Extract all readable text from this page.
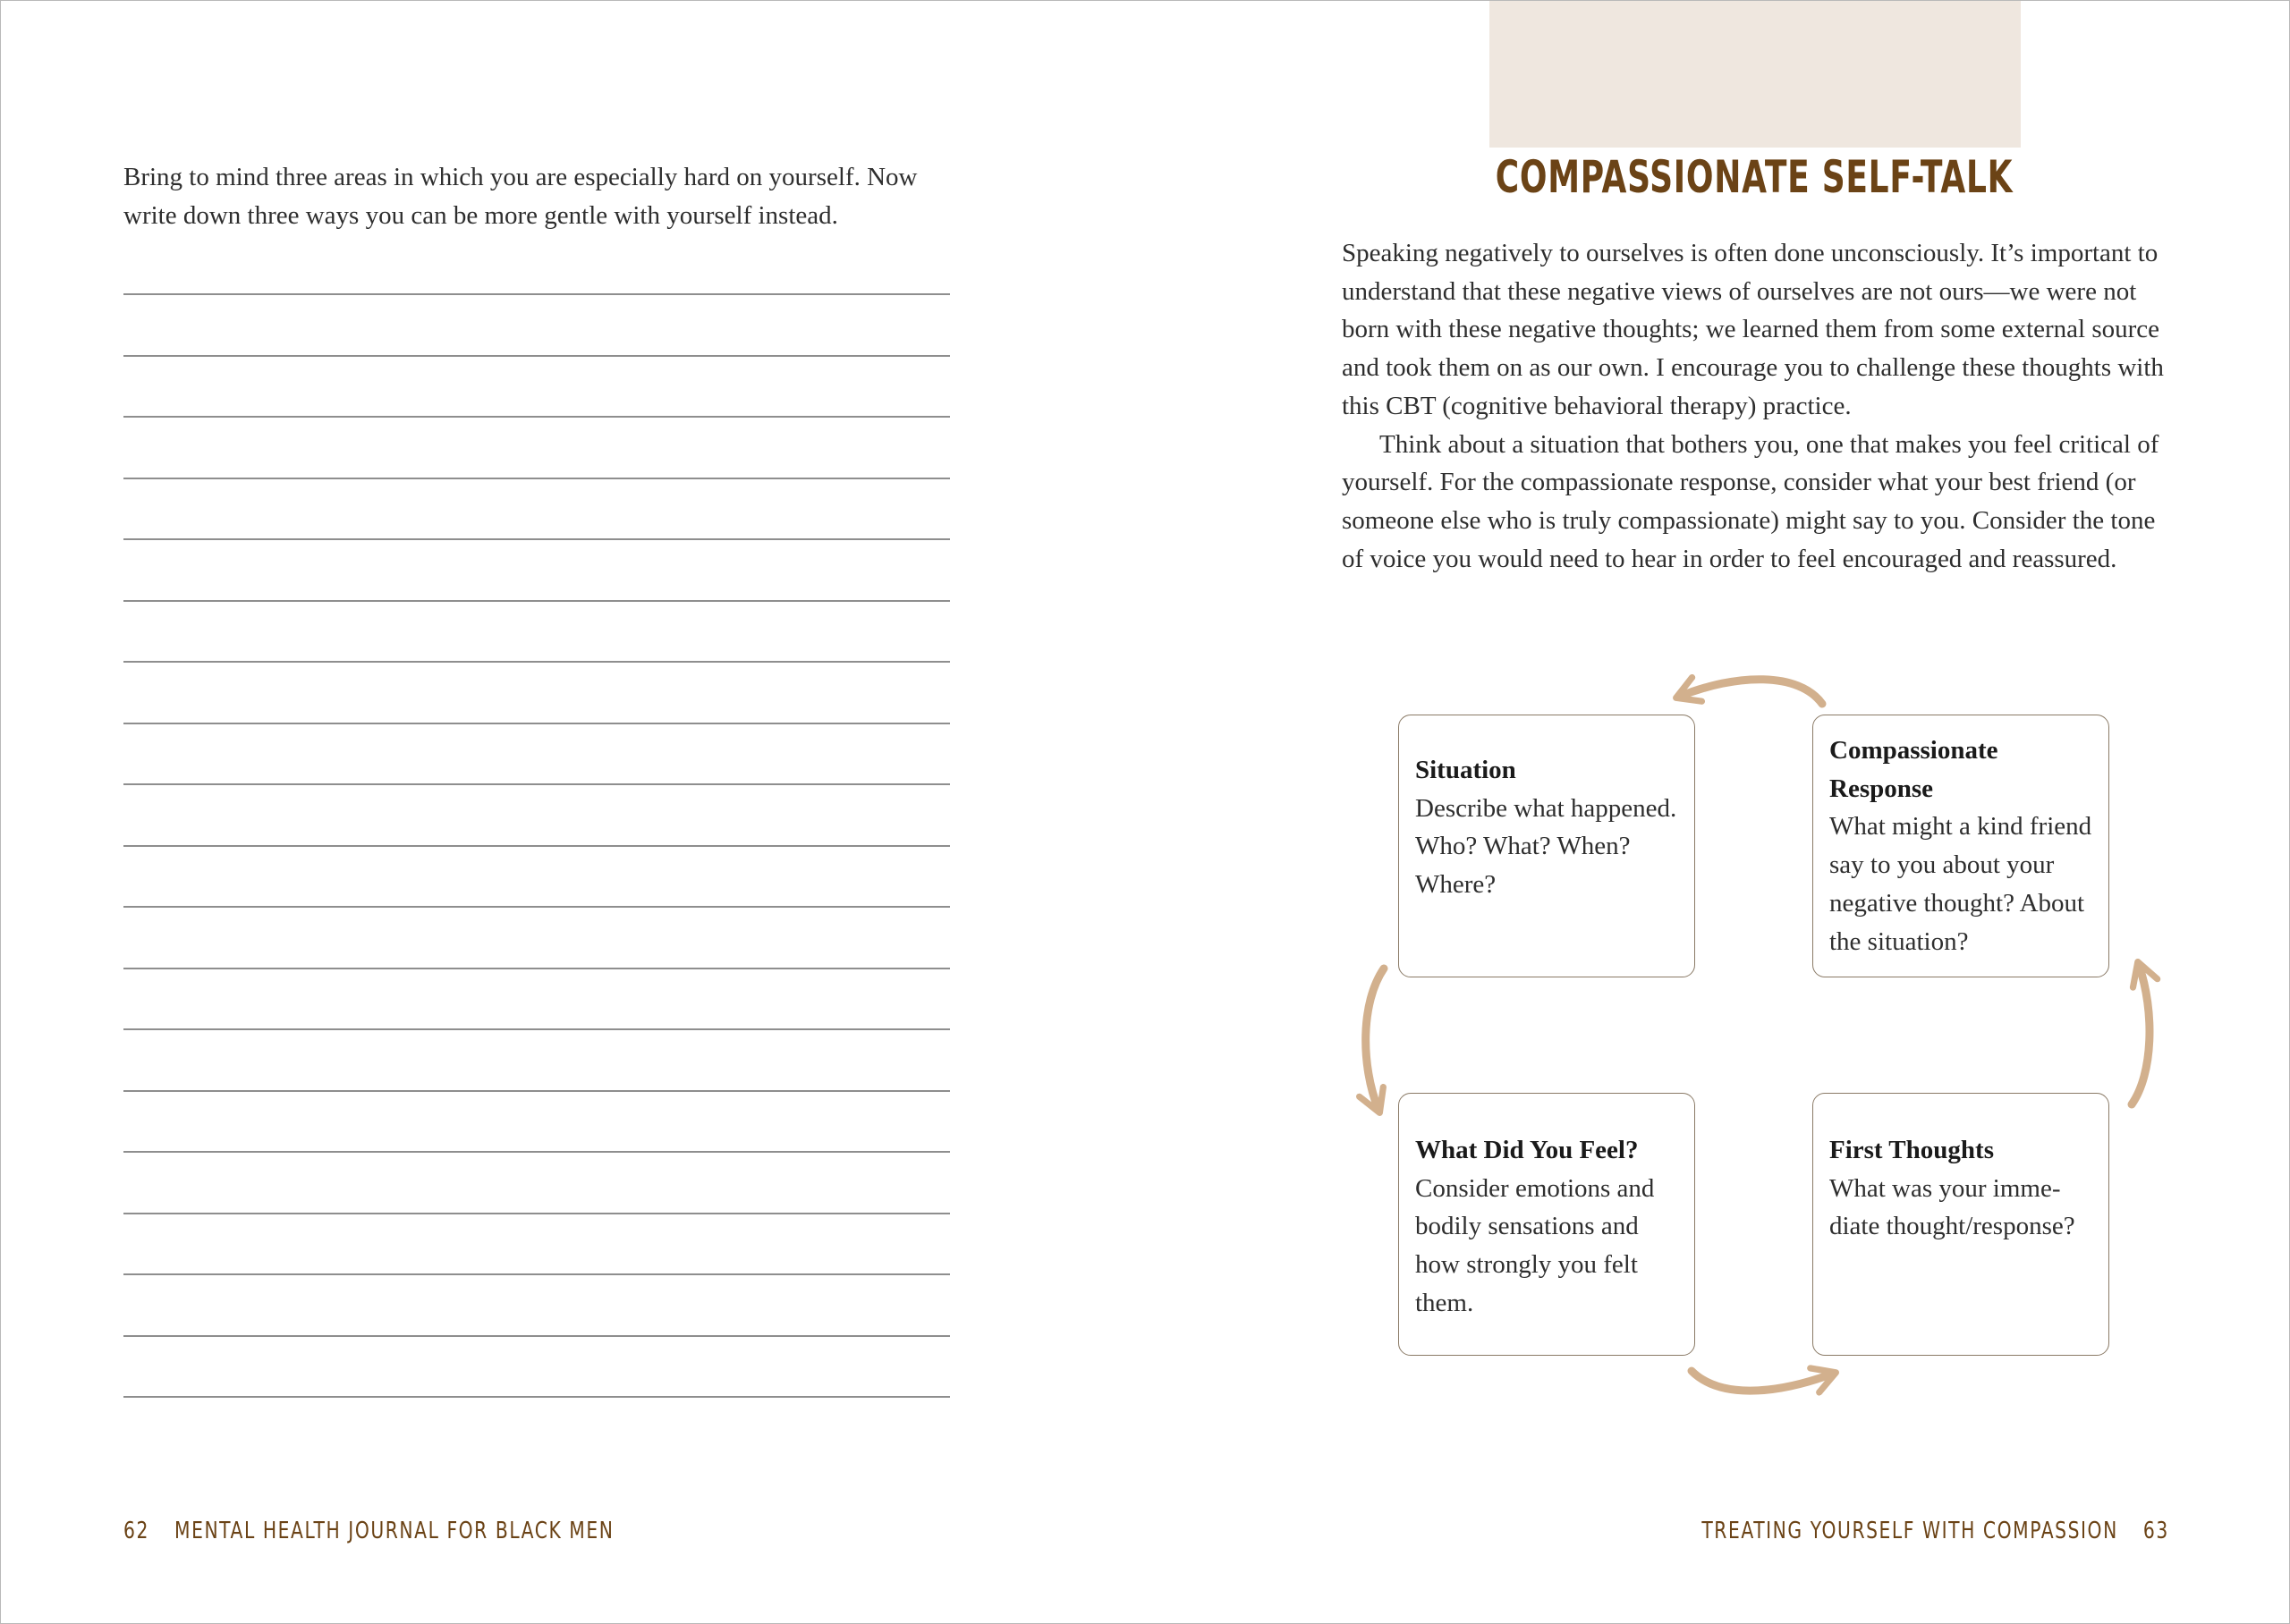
Bring to mind three areas in which you are especially hard on yourself. Now write down three ways you can be more gentle with yourself instead.

62 MENTAL HEALTH JOURNAL FOR BLACK MEN

COMPASSIONATE SELF-TALK

Speaking negatively to ourselves is often done unconsciously. It’s important to understand that these negative views of ourselves are not ours—we were not born with these negative thoughts; we learned them from some external source and took them on as our own. I encourage you to challenge these thoughts with this CBT (cognitive behavioral therapy) practice.

Think about a situation that bothers you, one that makes you feel critical of yourself. For the compassionate response, consider what your best friend (or someone else who is truly compassionate) might say to you. Consider the tone of voice you would need to hear in order to feel encouraged and reassured.

Situation
Describe what happened. Who? What? When? Where?
Compassionate Response
What might a kind friend say to you about your negative thought? About the situation?
What Did You Feel?
Consider emotions and bodily sensations and how strongly you felt them.
First Thoughts
What was your imme-diate thought/response?

TREATING YOURSELF WITH COMPASSION 63
